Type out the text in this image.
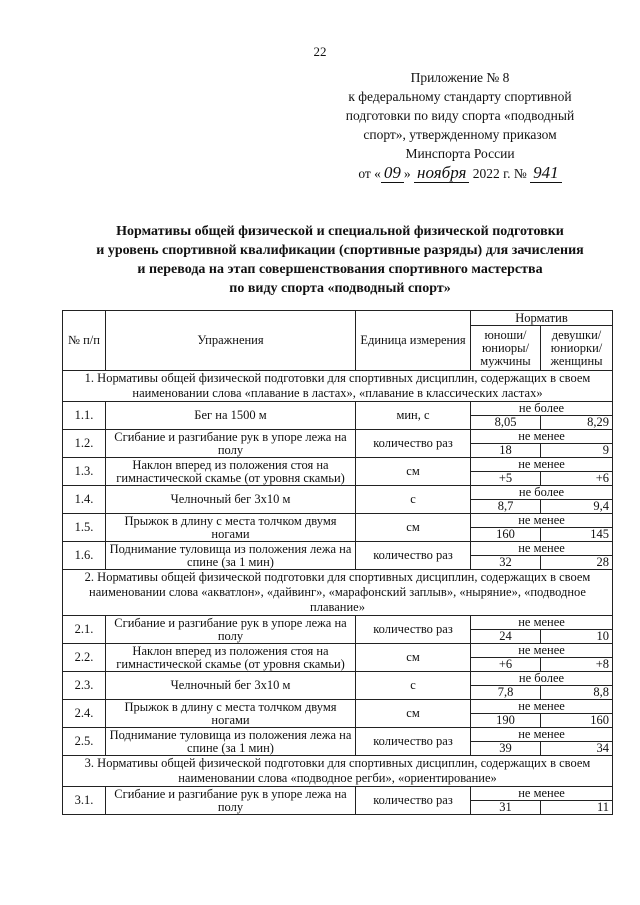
22
Приложение № 8
к федеральному стандарту спортивной
подготовки по виду спорта «подводный
спорт», утвержденному приказом
Минспорта России
от « 09 » ноября 2022 г. № 941
Нормативы общей физической и специальной физической подготовки
и уровень спортивной квалификации (спортивные разряды) для зачисления
и перевода на этап совершенствования спортивного мастерства
по виду спорта «подводный спорт»
№ п/п	Упражнения	Единица измерения	Норматив	
			юноши/ юниоры/ мужчины	девушки/ юниорки/ женщины
1. Нормативы общей физической подготовки для спортивных дисциплин, содержащих в своем наименовании слова «плавание в ластах», «плавание в классических ластах»				
1.1.	Бег на 1500 м	мин, с	не более	
			8,05	8,29
1.2.	Сгибание и разгибание рук в упоре лежа на полу	количество раз	не менее	
			18	9
1.3.	Наклон вперед из положения стоя на гимнастической скамье (от уровня скамьи)	см	не менее	
			+5	+6
1.4.	Челночный бег 3х10 м	с	не более	
			8,7	9,4
1.5.	Прыжок в длину с места толчком двумя ногами	см	не менее	
			160	145
1.6.	Поднимание туловища из положения лежа на спине (за 1 мин)	количество раз	не менее	
			32	28
2. Нормативы общей физической подготовки для спортивных дисциплин, содержащих в своем наименовании слова «акватлон», «дайвинг», «марафонский заплыв», «ныряние», «подводное плавание»				
2.1.	Сгибание и разгибание рук в упоре лежа на полу	количество раз	не менее	
			24	10
2.2.	Наклон вперед из положения стоя на гимнастической скамье (от уровня скамьи)	см	не менее	
			+6	+8
2.3.	Челночный бег 3х10 м	с	не более	
			7,8	8,8
2.4.	Прыжок в длину с места толчком двумя ногами	см	не менее	
			190	160
2.5.	Поднимание туловища из положения лежа на спине (за 1 мин)	количество раз	не менее	
			39	34
3. Нормативы общей физической подготовки для спортивных дисциплин, содержащих в своем наименовании слова «подводное регби», «ориентирование»				
3.1.	Сгибание и разгибание рук в упоре лежа на полу	количество раз	не менее	
			31	11
